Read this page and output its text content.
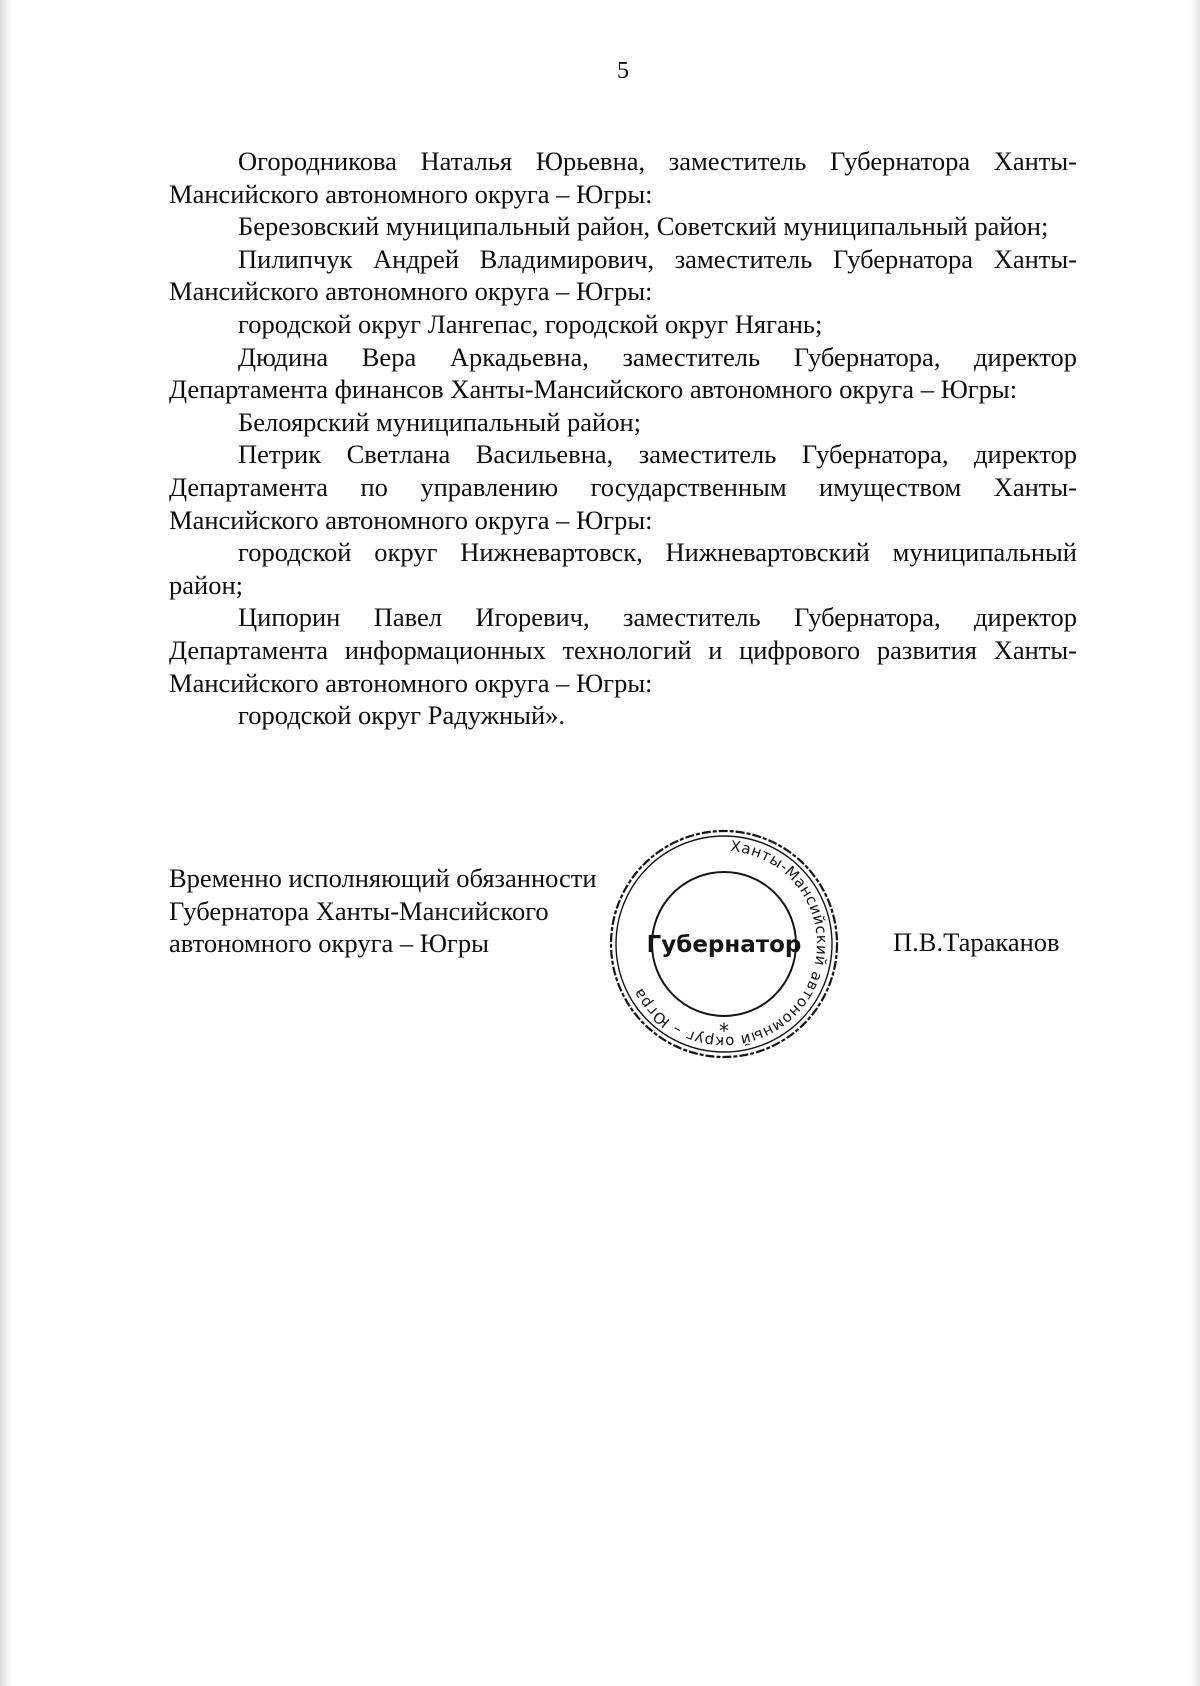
5

Огородникова Наталья Юрьевна, заместитель Губернатора Ханты-Мансийского автономного округа – Югры:

Березовский муниципальный район, Советский муниципальный район;

Пилипчук Андрей Владимирович, заместитель Губернатора Ханты-Мансийского автономного округа – Югры:

городской округ Лангепас, городской округ Нягань;

Дюдина Вера Аркадьевна, заместитель Губернатора, директор Департамента финансов Ханты-Мансийского автономного округа – Югры:

Белоярский муниципальный район;

Петрик Светлана Васильевна, заместитель Губернатора, директор Департамента по управлению государственным имуществом Ханты-Мансийского автономного округа – Югры:

городской округ Нижневартовск, Нижневартовский муниципальный район;

Ципорин Павел Игоревич, заместитель Губернатора, директор Департамента информационных технологий и цифрового развития Ханты-Мансийского автономного округа – Югры:

городской округ Радужный».

Временно исполняющий обязанности
Губернатора Ханты-Мансийского
автономного округа – Югры
Ханты-Мансийский автономный округ – Югра
Губернатор
*
П.В.Тараканов
